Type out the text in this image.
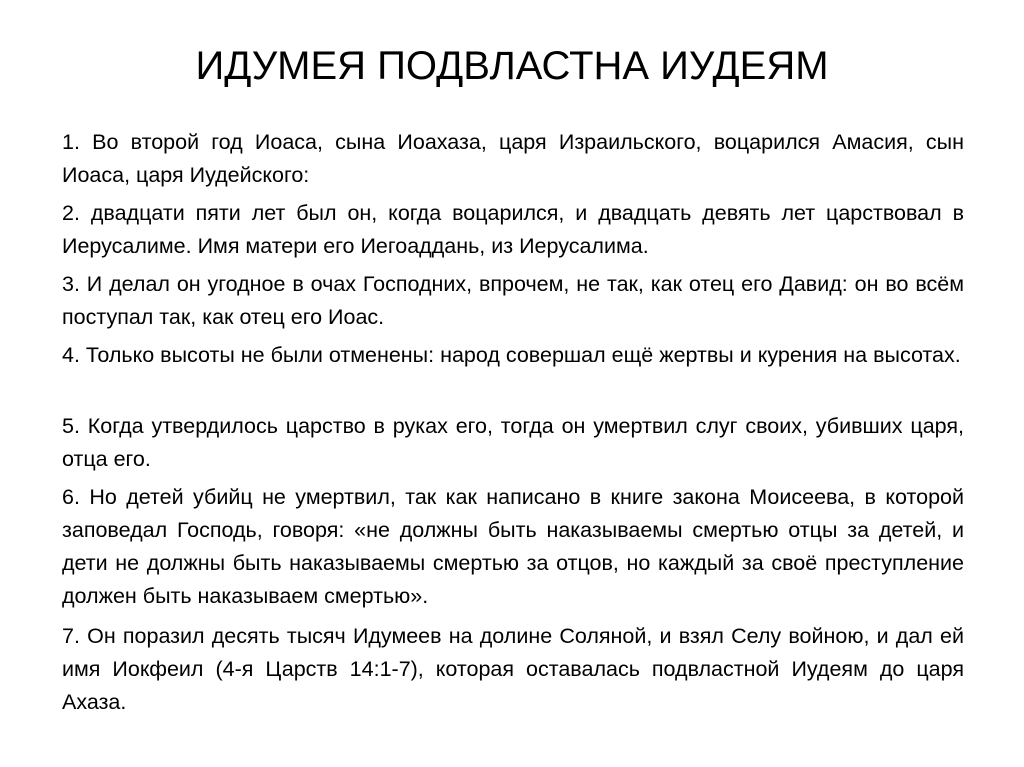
ИДУМЕЯ ПОДВЛАСТНА ИУДЕЯМ

1. Во второй год Иоаса, сына Иоахаза, царя Израильского, воцарился Амасия, сын Иоаса, царя Иудейского:

2. двадцати пяти лет был он, когда воцарился, и двадцать девять лет царствовал в Иерусалиме. Имя матери его Иегоаддань, из Иерусалима.

3. И делал он угодное в очах Господних, впрочем, не так, как отец его Давид: он во всём поступал так, как отец его Иоас.

4. Только высоты не были отменены: народ совершал ещё жертвы и курения на высотах.

5. Когда утвердилось царство в руках его, тогда он умертвил слуг своих, убивших царя, отца его.

6. Но детей убийц не умертвил, так как написано в книге закона Моисеева, в которой заповедал Господь, говоря: «не должны быть наказываемы смертью отцы за детей, и дети не должны быть наказываемы смертью за отцов, но каждый за своё преступление должен быть наказываем смертью».

7. Он поразил десять тысяч Идумеев на долине Соляной, и взял Селу войною, и дал ей имя Иокфеил (4-я Царств 14:1-7), которая оставалась подвластной Иудеям до царя Ахаза.
